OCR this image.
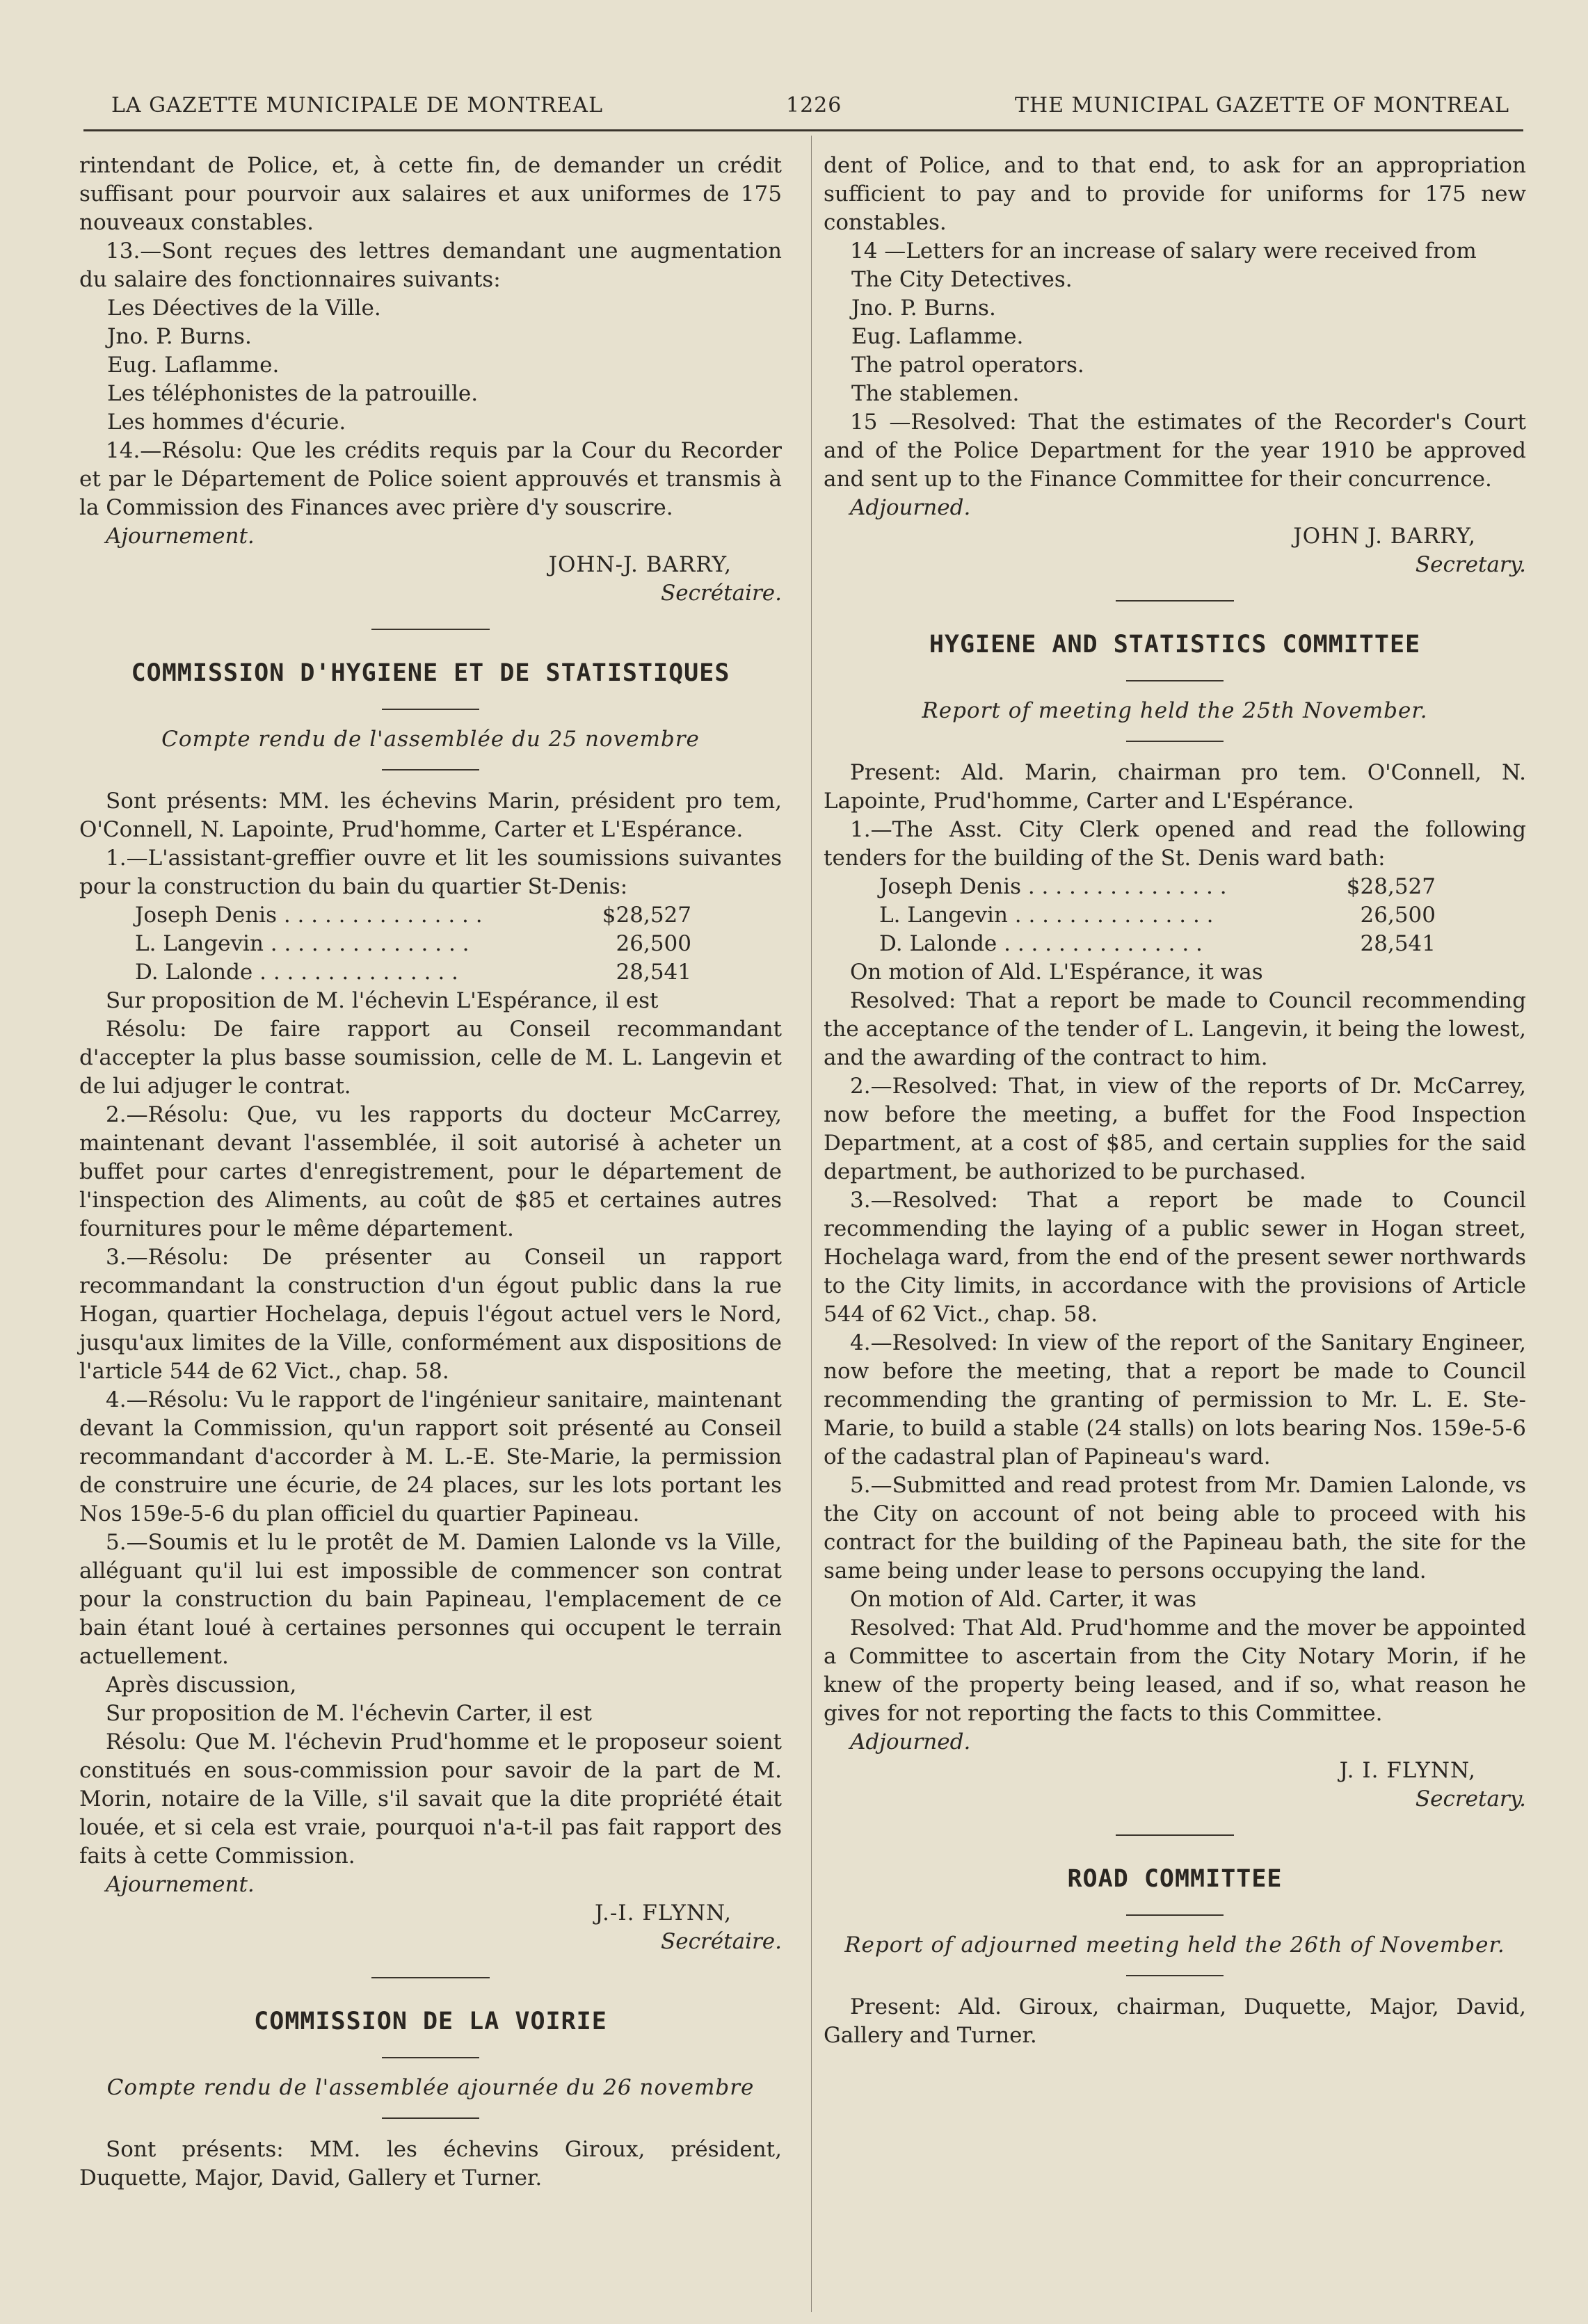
LA GAZETTE MUNICIPALE DE MONTREAL	1226	THE MUNICIPAL GAZETTE OF MONTREAL

rintendant de Police, et, à cette fin, de demander un crédit suffisant pour pourvoir aux salaires et aux uniformes de 175 nouveaux constables.

13.—Sont reçues des lettres demandant une augmentation du salaire des fonctionnaires suivants:

Les Déectives de la Ville.
Jno. P. Burns.
Eug. Laflamme.
Les téléphonistes de la patrouille.
Les hommes d'écurie.

14.—Résolu: Que les crédits requis par la Cour du Recorder et par le Département de Police soient approuvés et transmis à la Commission des Finances avec prière d'y souscrire.

Ajournement.

JOHN-J. BARRY,
Secrétaire.
COMMISSION D'HYGIENE ET DE STATISTIQUES
Compte rendu de l'assemblée du 25 novembre

Sont présents: MM. les échevins Marin, président pro tem, O'Connell, N. Lapointe, Prud'homme, Carter et L'Espérance.

1.—L'assistant-greffier ouvre et lit les soumissions suivantes pour la construction du bain du quartier St-Denis:

Joseph Denis . . . . . . . . . . . . . . .	$28,527
L. Langevin . . . . . . . . . . . . . . .	26,500
D. Lalonde . . . . . . . . . . . . . . .	28,541

Sur proposition de M. l'échevin L'Espérance, il est

Résolu: De faire rapport au Conseil recommandant d'accepter la plus basse soumission, celle de M. L. Langevin et de lui adjuger le contrat.

2.—Résolu: Que, vu les rapports du docteur McCarrey, maintenant devant l'assemblée, il soit autorisé à acheter un buffet pour cartes d'enregistrement, pour le département de l'inspection des Aliments, au coût de $85 et certaines autres fournitures pour le même département.

3.—Résolu: De présenter au Conseil un rapport recommandant la construction d'un égout public dans la rue Hogan, quartier Hochelaga, depuis l'égout actuel vers le Nord, jusqu'aux limites de la Ville, conformément aux dispositions de l'article 544 de 62 Vict., chap. 58.

4.—Résolu: Vu le rapport de l'ingénieur sanitaire, maintenant devant la Commission, qu'un rapport soit présenté au Conseil recommandant d'accorder à M. L.-E. Ste-Marie, la permission de construire une écurie, de 24 places, sur les lots portant les Nos 159e-5-6 du plan officiel du quartier Papineau.

5.—Soumis et lu le protêt de M. Damien Lalonde vs la Ville, alléguant qu'il lui est impossible de commencer son contrat pour la construction du bain Papineau, l'emplacement de ce bain étant loué à certaines personnes qui occupent le terrain actuellement.

Après discussion,

Sur proposition de M. l'échevin Carter, il est

Résolu: Que M. l'échevin Prud'homme et le proposeur soient constitués en sous-commission pour savoir de la part de M. Morin, notaire de la Ville, s'il savait que la dite propriété était louée, et si cela est vraie, pourquoi n'a-t-il pas fait rapport des faits à cette Commission.

Ajournement.

J.-I. FLYNN,
Secrétaire.
COMMISSION DE LA VOIRIE
Compte rendu de l'assemblée ajournée du 26 novembre

Sont présents: MM. les échevins Giroux, président, Duquette, Major, David, Gallery et Turner.

dent of Police, and to that end, to ask for an appropriation sufficient to pay and to provide for uniforms for 175 new constables.

14 —Letters for an increase of salary were received from

The City Detectives.
Jno. P. Burns.
Eug. Laflamme.
The patrol operators.
The stablemen.

15 —Resolved: That the estimates of the Recorder's Court and of the Police Department for the year 1910 be approved and sent up to the Finance Committee for their concurrence.

Adjourned.

JOHN J. BARRY,
Secretary.
HYGIENE AND STATISTICS COMMITTEE
Report of meeting held the 25th November.

Present: Ald. Marin, chairman pro tem. O'Connell, N. Lapointe, Prud'homme, Carter and L'Espérance.

1.—The Asst. City Clerk opened and read the following tenders for the building of the St. Denis ward bath:

Joseph Denis . . . . . . . . . . . . . . .	$28,527
L. Langevin . . . . . . . . . . . . . . .	26,500
D. Lalonde . . . . . . . . . . . . . . .	28,541

On motion of Ald. L'Espérance, it was

Resolved: That a report be made to Council recommending the acceptance of the tender of L. Langevin, it being the lowest, and the awarding of the contract to him.

2.—Resolved: That, in view of the reports of Dr. McCarrey, now before the meeting, a buffet for the Food Inspection Department, at a cost of $85, and certain supplies for the said department, be authorized to be purchased.

3.—Resolved: That a report be made to Council recommending the laying of a public sewer in Hogan street, Hochelaga ward, from the end of the present sewer northwards to the City limits, in accordance with the provisions of Article 544 of 62 Vict., chap. 58.

4.—Resolved: In view of the report of the Sanitary Engineer, now before the meeting, that a report be made to Council recommending the granting of permission to Mr. L. E. Ste-Marie, to build a stable (24 stalls) on lots bearing Nos. 159e-5-6 of the cadastral plan of Papineau's ward.

5.—Submitted and read protest from Mr. Damien Lalonde, vs the City on account of not being able to proceed with his contract for the building of the Papineau bath, the site for the same being under lease to persons occupying the land.

On motion of Ald. Carter, it was

Resolved: That Ald. Prud'homme and the mover be appointed a Committee to ascertain from the City Notary Morin, if he knew of the property being leased, and if so, what reason he gives for not reporting the facts to this Committee.

Adjourned.

J. I. FLYNN,
Secretary.
ROAD COMMITTEE
Report of adjourned meeting held the 26th of November.

Present: Ald. Giroux, chairman, Duquette, Major, David, Gallery and Turner.
